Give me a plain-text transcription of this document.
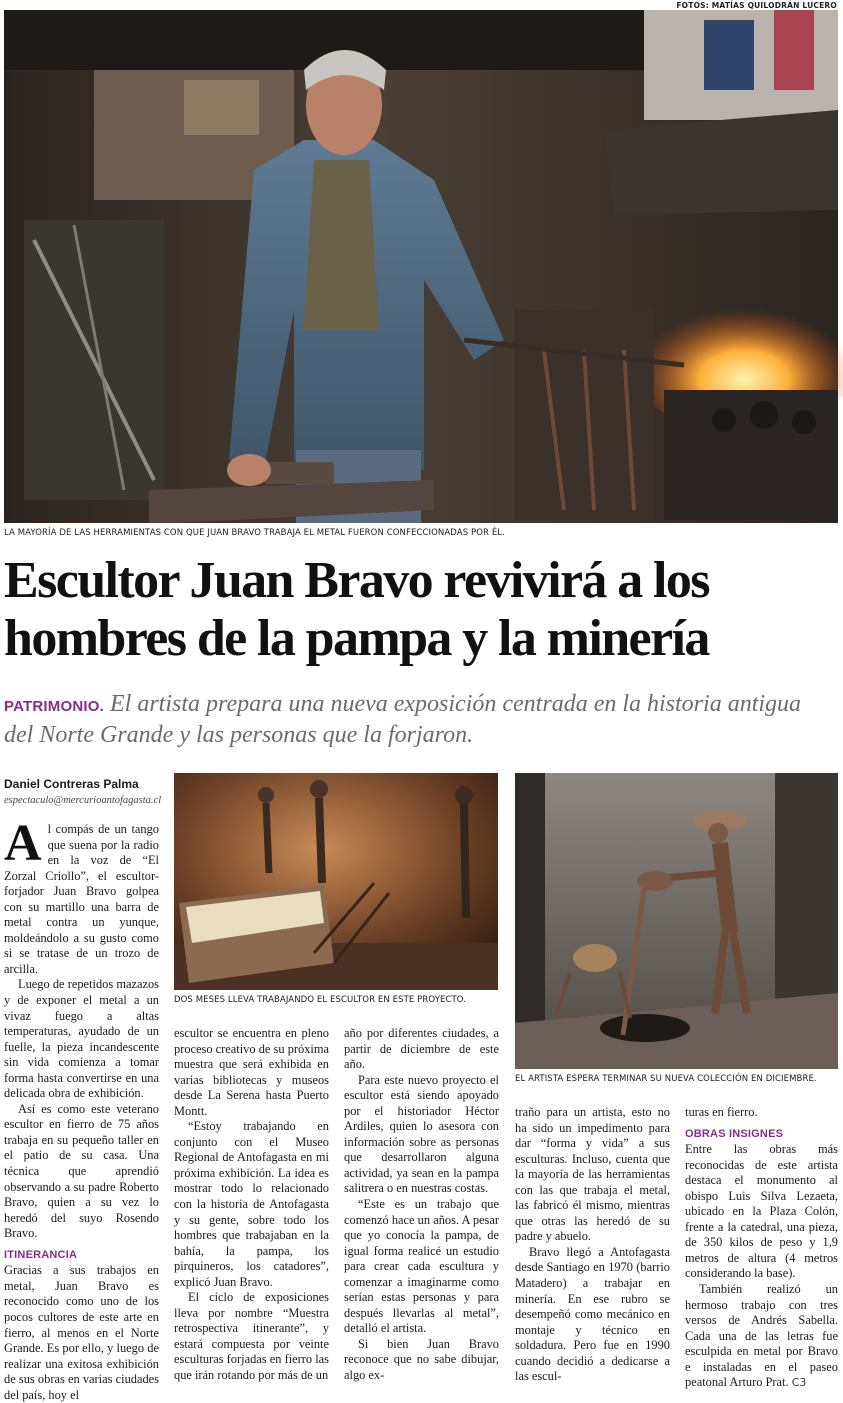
FOTOS: MATÍAS QUILODRÁN LUCERO
LA MAYORÍA DE LAS HERRAMIENTAS CON QUE JUAN BRAVO TRABAJA EL METAL FUERON CONFECCIONADAS POR ÉL.
Escultor Juan Bravo revivirá a los hombres de la pampa y la minería
PATRIMONIO. El artista prepara una nueva exposición centrada en la historia antigua del Norte Grande y las personas que la forjaron.
Daniel Contreras Palma
espectaculo@mercurioantofagasta.cl

Al compás de un tango que suena por la radio en la voz de “El Zorzal Criollo”, el escultor-forjador Juan Bravo golpea con su martillo una barra de metal contra un yunque, moldeándolo a su gusto como si se tratase de un trozo de arcilla.

Luego de repetidos mazazos y de exponer el metal a un vivaz fuego a altas temperaturas, ayudado de un fuelle, la pieza incandescente sin vida comienza a tomar forma hasta convertirse en una delicada obra de exhibición.

Así es como este veterano escultor en fierro de 75 años trabaja en su pequeño taller en el patio de su casa. Una técnica que aprendió observando a su padre Roberto Bravo, quien a su vez lo heredó del suyo Rosendo Bravo.

ITINERANCIA

Gracias a sus trabajos en metal, Juan Bravo es reconocido como uno de los pocos cultores de este arte en fierro, al menos en el Norte Grande. Es por ello, y luego de realizar una exitosa exhibición de sus obras en varias ciudades del país, hoy el

DOS MESES LLEVA TRABAJANDO EL ESCULTOR EN ESTE PROYECTO.
EL ARTISTA ESPERA TERMINAR SU NUEVA COLECCIÓN EN DICIEMBRE.

escultor se encuentra en pleno proceso creativo de su próxima muestra que será exhibida en varias bibliotecas y museos desde La Serena hasta Puerto Montt.

“Estoy trabajando en conjunto con el Museo Regional de Antofagasta en mi próxima exhibición. La idea es mostrar todo lo relacionado con la historia de Antofagasta y su gente, sobre todo los hombres que trabajaban en la bahía, la pampa, los pirquineros, los catadores”, explicó Juan Bravo.

El ciclo de exposiciones lleva por nombre “Muestra retrospectiva itinerante”, y estará compuesta por veinte esculturas forjadas en fierro las que irán rotando por más de un

año por diferentes ciudades, a partir de diciembre de este año.

Para este nuevo proyecto el escultor está siendo apoyado por el historiador Héctor Ardiles, quien lo asesora con información sobre as personas que desarrollaron alguna actividad, ya sean en la pampa salitrera o en nuestras costas.

“Este es un trabajo que comenzó hace un años. A pesar que yo conocía la pampa, de igual forma realicé un estudio para crear cada escultura y comenzar a imaginarme como serían estas personas y para después llevarlas al metal”, detalló el artista.

Si bien Juan Bravo reconoce que no sabe dibujar, algo ex-

traño para un artista, esto no ha sido un impedimento para dar “forma y vida” a sus esculturas. Incluso, cuenta que la mayoría de las herramientas con las que trabaja el metal, las fabricó él mismo, mientras que otras las heredó de su padre y abuelo.

Bravo llegó a Antofagasta desde Santiago en 1970 (barrio Matadero) a trabajar en minería. En ese rubro se desempeñó como mecánico en montaje y técnico en soldadura. Pero fue en 1990 cuando decidió a dedicarse a las escul-

turas en fierro.

OBRAS INSIGNES

Entre las obras más reconocidas de este artista destaca el monumento al obispo Luis Silva Lezaeta, ubicado en la Plaza Colón, frente a la catedral, una pieza, de 350 kilos de peso y 1,9 metros de altura (4 metros considerando la base).

También realizó un hermoso trabajo con tres versos de Andrés Sabella. Cada una de las letras fue esculpida en metal por Bravo e instaladas en el paseo peatonal Arturo Prat. C3
